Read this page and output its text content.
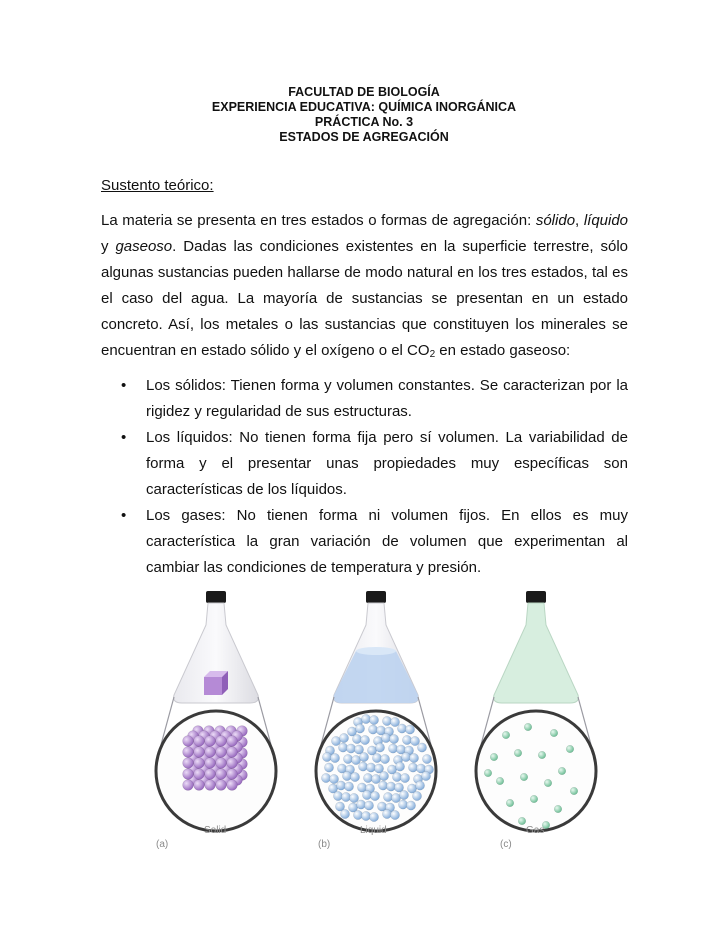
FACULTAD DE BIOLOGÍA
EXPERIENCIA EDUCATIVA: QUÍMICA INORGÁNICA
PRÁCTICA No. 3
ESTADOS DE AGREGACIÓN
Sustento teórico:

La materia se presenta en tres estados o formas de agregación: sólido, líquido y gaseoso. Dadas las condiciones existentes en la superficie terrestre, sólo algunas sustancias pueden hallarse de modo natural en los tres estados, tal es el caso del agua. La mayoría de sustancias se presentan en un estado concreto. Así, los metales o las sustancias que constituyen los minerales se encuentran en estado sólido y el oxígeno o el $CO_2$ en estado gaseoso:

• Los sólidos: Tienen forma y volumen constantes. Se caracterizan por la rigidez y regularidad de sus estructuras.
• Los líquidos: No tienen forma fija pero sí volumen. La variabilidad de forma y el presentar unas propiedades muy específicas son características de los líquidos.
• Los gases: No tienen forma ni volumen fijos. En ellos es muy característica la gran variación de volumen que experimentan al cambiar las condiciones de temperatura y presión.
Solid
(a)
Liquid
(b)
Gas
(c)
